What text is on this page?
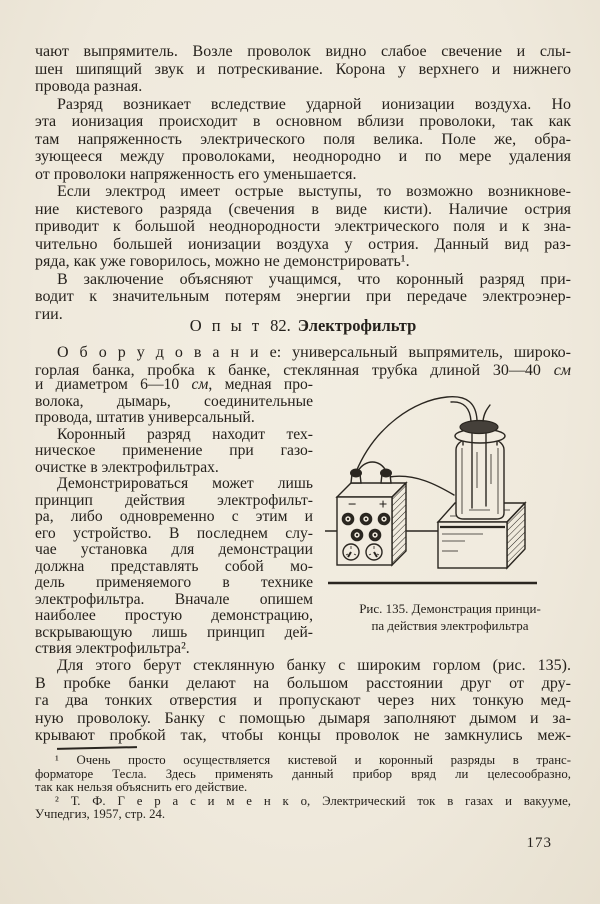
чают выпрямитель. Возле проволок видно слабое свечение и слы-
шен шипящий звук и потрескивание. Корона у верхнего и нижнего
провода разная.
Разряд возникает вследствие ударной ионизации воздуха. Но
эта ионизация происходит в основном вблизи проволоки, так как
там напряженность электрического поля велика. Поле же, обра-
зующееся между проволоками, неоднородно и по мере удаления
от проволоки напряженность его уменьшается.
Если электрод имеет острые выступы, то возможно возникнове-
ние кистевого разряда (свечения в виде кисти). Наличие острия
приводит к большой неоднородности электрического поля и к зна-
чительно большей ионизации воздуха у острия. Данный вид раз-
ряда, как уже говорилось, можно не демонстрировать¹.
В заключение объясняют учащимся, что коронный разряд при-
водит к значительным потерям энергии при передаче электроэнер-
гии.
О п ы т 82. Электрофильтр
О б о р у д о в а н и е: универсальный выпрямитель, широко-
горлая банка, пробка к банке, стеклянная трубка длиной 30—40 см
и диаметром 6—10 см, медная про-
волока, дымарь, соединительные
провода, штатив универсальный.
Коронный разряд находит тех-
ническое применение при газо-
очистке в электрофильтрах.
Демонстрироваться может лишь
принцип действия электрофильт-
ра, либо одновременно с этим и
его устройство. В последнем слу-
чае установка для демонстрации
должна представлять собой мо-
дель применяемого в технике
электрофильтра. Вначале опишем
наиболее простую демонстрацию,
вскрывающую лишь принцип дей-
ствия электрофильтра².
− +
Рис. 135. Демонстрация принци-
па действия электрофильтра
Для этого берут стеклянную банку с широким горлом (рис. 135).
В пробке банки делают на большом расстоянии друг от дру-
га два тонких отверстия и пропускают через них тонкую мед-
ную проволоку. Банку с помощью дымаря заполняют дымом и за-
крывают пробкой так, чтобы концы проволок не замкнулись меж-
¹ Очень просто осуществляется кистевой и коронный разряды в транс-
форматоре Тесла. Здесь применять данный прибор вряд ли целесообразно,
так как нельзя объяснить его действие.
² Т. Ф. Г е р а с и м е н к о, Электрический ток в газах и вакууме,
Учпедгиз, 1957, стр. 24.
173
